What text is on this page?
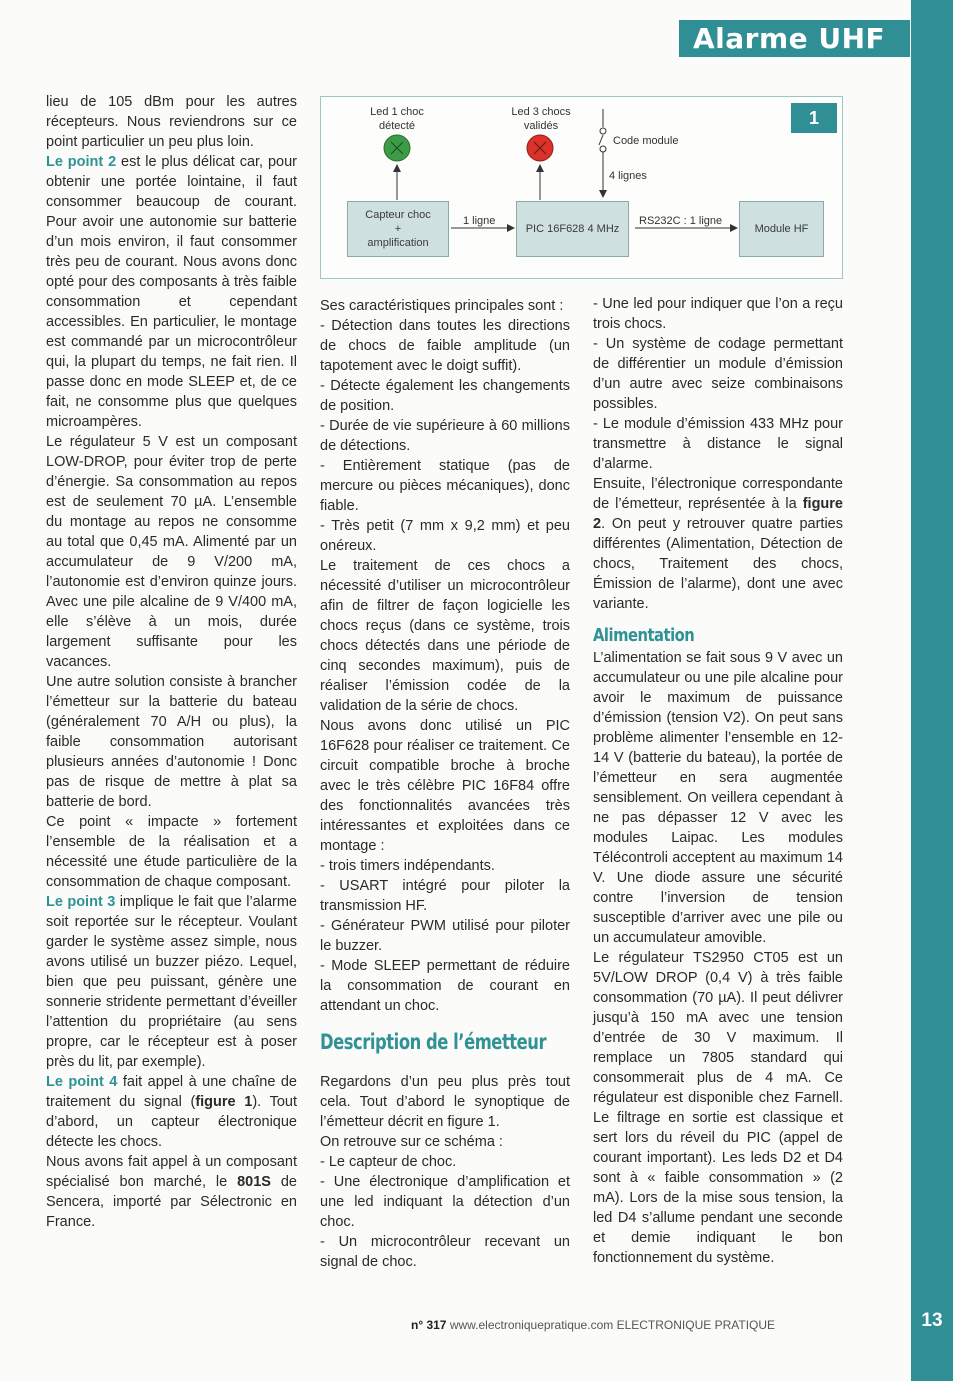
Alarme UHF
Led 1 choc
détecté
Led 3 chocs
validés
Code module
4 lignes
1 ligne	RS232C : 1 ligne
Capteur choc
+
amplification
PIC 16F628 4 MHz	Module HF
1

lieu de 105 dBm pour les autres récepteurs. Nous reviendrons sur ce point particulier un peu plus loin.

Le point 2 est le plus délicat car, pour obtenir une portée lointaine, il faut consommer beaucoup de courant. Pour avoir une autonomie sur batterie d’un mois environ, il faut consommer très peu de courant. Nous avons donc opté pour des composants à très faible consommation et cependant accessibles. En particulier, le montage est commandé par un microcontrôleur qui, la plupart du temps, ne fait rien. Il passe donc en mode SLEEP et, de ce fait, ne consomme plus que quelques microampères.

Le régulateur 5 V est un composant LOW-DROP, pour éviter trop de perte d’énergie. Sa consommation au repos est de seulement 70 µA. L’ensemble du montage au repos ne consomme au total que 0,45 mA. Alimenté par un accumulateur de 9 V/200 mA, l’autonomie est d’environ quinze jours. Avec une pile alcaline de 9 V/400 mA, elle s’élève à un mois, durée largement suffisante pour les vacances.

Une autre solution consiste à brancher l’émetteur sur la batterie du bateau (généralement 70 A/H ou plus), la faible consommation autorisant plusieurs années d’autonomie ! Donc pas de risque de mettre à plat sa batterie de bord.

Ce point « impacte » fortement l’ensemble de la réalisation et a nécessité une étude particulière de la consommation de chaque composant.

Le point 3 implique le fait que l’alarme soit reportée sur le récepteur. Voulant garder le système assez simple, nous avons utilisé un buzzer piézo. Lequel, bien que peu puissant, génère une sonnerie stridente permettant d’éveiller l’attention du propriétaire (au sens propre, car le récepteur est à poser près du lit, par exemple).

Le point 4 fait appel à une chaîne de traitement du signal (figure 1). Tout d’abord, un capteur électronique détecte les chocs.

Nous avons fait appel à un composant spécialisé bon marché, le 801S de Sencera, importé par Sélectronic en France.

Ses caractéristiques principales sont :

- Détection dans toutes les directions de chocs de faible amplitude (un tapotement avec le doigt suffit).

- Détecte également les changements de position.

- Durée de vie supérieure à 60 millions de détections.

- Entièrement statique (pas de mercure ou pièces mécaniques), donc fiable.

- Très petit (7 mm x 9,2 mm) et peu onéreux.

Le traitement de ces chocs a nécessité d’utiliser un microcontrôleur afin de filtrer de façon logicielle les chocs reçus (dans ce système, trois chocs détectés dans une période de cinq secondes maximum), puis de réaliser l’émission codée de la validation de la série de chocs.

Nous avons donc utilisé un PIC 16F628 pour réaliser ce traitement. Ce circuit compatible broche à broche avec le très célèbre PIC 16F84 offre des fonctionnalités avancées très intéressantes et exploitées dans ce montage :

- trois timers indépendants.

- USART intégré pour piloter la transmission HF.

- Générateur PWM utilisé pour piloter le buzzer.

- Mode SLEEP permettant de réduire la consommation de courant en attendant un choc.

Description de l’émetteur

Regardons d’un peu plus près tout cela. Tout d’abord le synoptique de l’émetteur décrit en figure 1.

On retrouve sur ce schéma :

- Le capteur de choc.

- Une électronique d’amplification et une led indiquant la détection d’un choc.

- Un microcontrôleur recevant un signal de choc.

- Une led pour indiquer que l’on a reçu trois chocs.

- Un système de codage permettant de différentier un module d’émission d’un autre avec seize combinaisons possibles.

- Le module d’émission 433 MHz pour transmettre à distance le signal d’alarme.

Ensuite, l’électronique correspondante de l’émetteur, représentée à la figure 2. On peut y retrouver quatre parties différentes (Alimentation, Détection de chocs, Traitement des chocs, Émission de l’alarme), dont une avec variante.

Alimentation

L’alimentation se fait sous 9 V avec un accumulateur ou une pile alcaline pour avoir le maximum de puissance d’émission (tension V2). On peut sans problème alimenter l’ensemble en 12-14 V (batterie du bateau), la portée de l’émetteur en sera augmentée sensiblement. On veillera cependant à ne pas dépasser 12 V avec les modules Laipac. Les modules Télécontroli acceptent au maximum 14 V. Une diode assure une sécurité contre l’inversion de tension susceptible d’arriver avec une pile ou un accumulateur amovible.

Le régulateur TS2950 CT05 est un 5V/LOW DROP (0,4 V) à très faible consommation (70 µA). Il peut délivrer jusqu’à 150 mA avec une tension d’entrée de 30 V maximum. Il remplace un 7805 standard qui consommerait plus de 4 mA. Ce régulateur est disponible chez Farnell. Le filtrage en sortie est classique et sert lors du réveil du PIC (appel de courant important). Les leds D2 et D4 sont à « faible consommation » (2 mA). Lors de la mise sous tension, la led D4 s’allume pendant une seconde et demie indiquant le bon fonctionnement du système.

n° 317 www.electroniquepratique.com ELECTRONIQUE PRATIQUE	13
